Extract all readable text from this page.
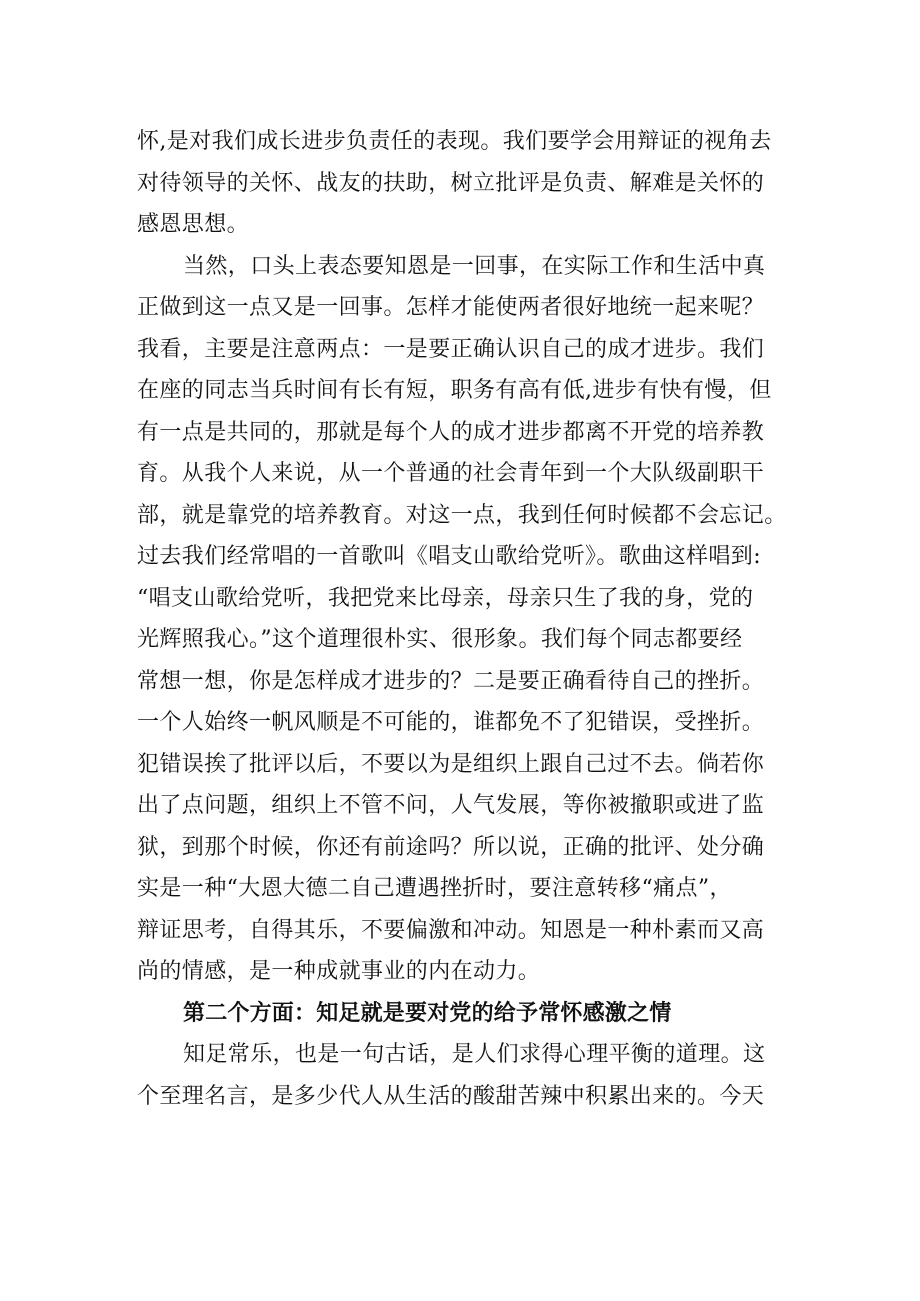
怀,是对我们成长进步负责任的表现。我们要学会用辩证的视角去
对待领导的关怀、战友的扶助，树立批评是负责、解难是关怀的
感恩思想。
当然，口头上表态要知恩是一回事，在实际工作和生活中真
正做到这一点又是一回事。怎样才能使两者很好地统一起来呢？
我看，主要是注意两点：一是要正确认识自己的成才进步。我们
在座的同志当兵时间有长有短，职务有高有低,进步有快有慢，但
有一点是共同的，那就是每个人的成才进步都离不开党的培养教
育。从我个人来说，从一个普通的社会青年到一个大队级副职干
部，就是靠党的培养教育。对这一点，我到任何时候都不会忘记。
过去我们经常唱的一首歌叫《唱支山歌给党听》。歌曲这样唱到:
“唱支山歌给党听，我把党来比母亲，母亲只生了我的身，党的
光辉照我心。”这个道理很朴实、很形象。我们每个同志都要经
常想一想，你是怎样成才进步的？二是要正确看待自己的挫折。
一个人始终一帆风顺是不可能的，谁都免不了犯错误，受挫折。
犯错误挨了批评以后，不要以为是组织上跟自己过不去。倘若你
出了点问题，组织上不管不问，人气发展，等你被撤职或进了监
狱，到那个时候，你还有前途吗？所以说，正确的批评、处分确
实是一种“大恩大德二自己遭遇挫折时，要注意转移“痛点”，
辩证思考，自得其乐，不要偏激和冲动。知恩是一种朴素而又高
尚的情感，是一种成就事业的内在动力。
第二个方面：知足就是要对党的给予常怀感激之情
知足常乐，也是一句古话，是人们求得心理平衡的道理。这
个至理名言，是多少代人从生活的酸甜苦辣中积累出来的。今天
